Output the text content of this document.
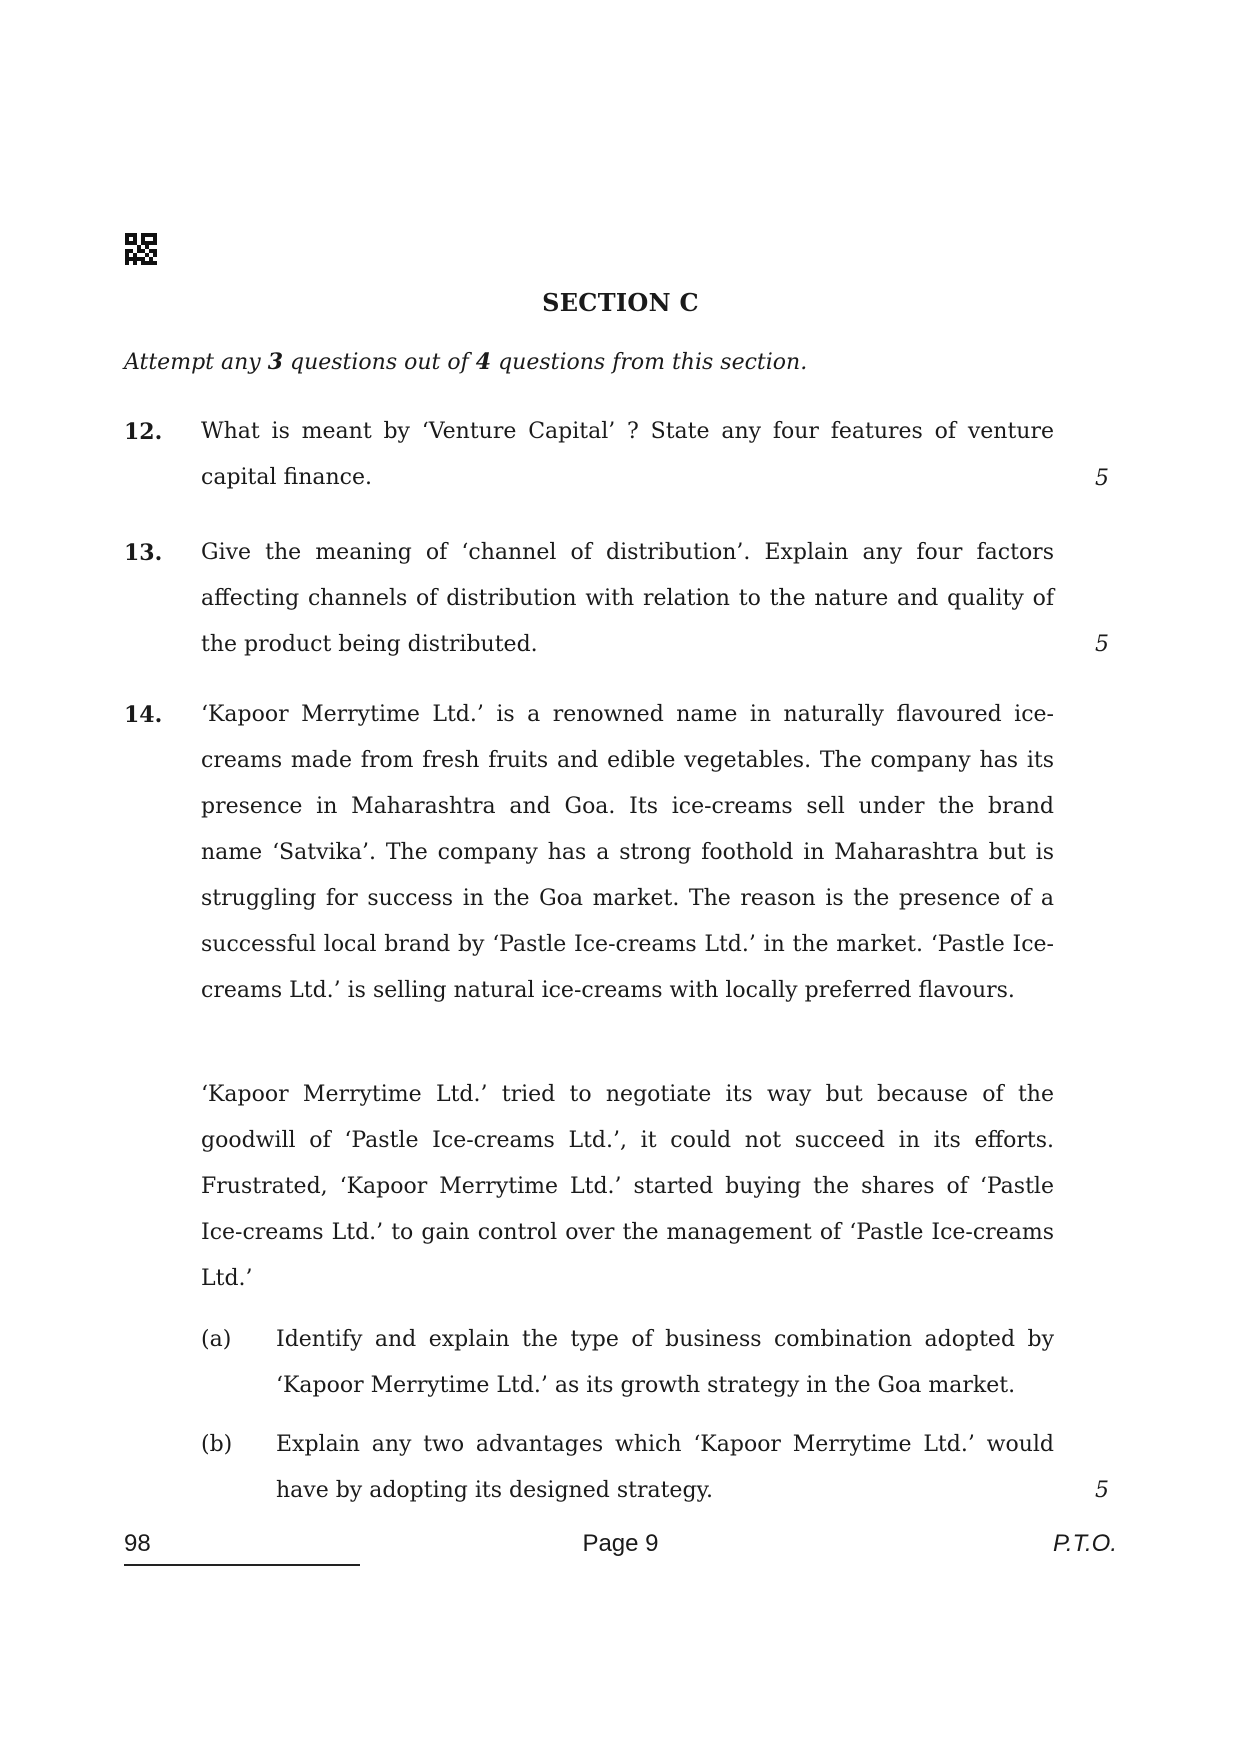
SECTION C
Attempt any 3 questions out of 4 questions from this section.
12. What is meant by ‘Venture Capital’ ? State any four features of venture capital finance.	5
13. Give the meaning of ‘channel of distribution’. Explain any four factors affecting channels of distribution with relation to the nature and quality of the product being distributed.	5
14. ‘Kapoor Merrytime Ltd.’ is a renowned name in naturally flavoured ice-creams made from fresh fruits and edible vegetables. The company has its presence in Maharashtra and Goa. Its ice-creams sell under the brand name ‘Satvika’. The company has a strong foothold in Maharashtra but is struggling for success in the Goa market. The reason is the presence of a successful local brand by ‘Pastle Ice-creams Ltd.’ in the market. ‘Pastle Ice-creams Ltd.’ is selling natural ice-creams with locally preferred flavours.

‘Kapoor Merrytime Ltd.’ tried to negotiate its way but because of the goodwill of ‘Pastle Ice-creams Ltd.’, it could not succeed in its efforts. Frustrated, ‘Kapoor Merrytime Ltd.’ started buying the shares of ‘Pastle Ice-creams Ltd.’ to gain control over the management of ‘Pastle Ice-creams Ltd.’

(a) Identify and explain the type of business combination adopted by ‘Kapoor Merrytime Ltd.’ as its growth strategy in the Goa market.
(b) Explain any two advantages which ‘Kapoor Merrytime Ltd.’ would have by adopting its designed strategy.	5
98	Page 9	P.T.O.
